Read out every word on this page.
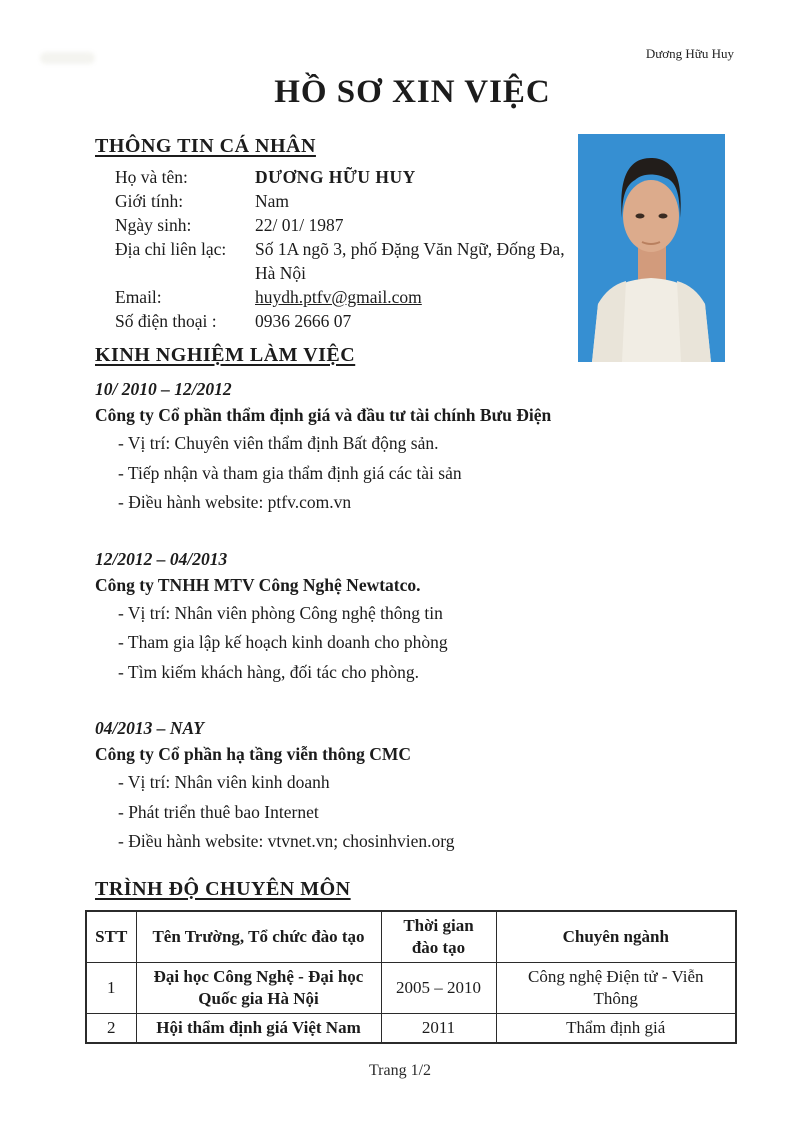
Dương Hữu Huy
HỒ SƠ XIN VIỆC
THÔNG TIN CÁ NHÂN
Họ và tên:	DƯƠNG HỮU HUY
Giới tính:	Nam
Ngày sinh:	22/ 01/ 1987
Địa chỉ liên lạc:	Số 1A ngõ 3, phố Đặng Văn Ngữ, Đống Đa, Hà Nội
Email:	huydh.ptfv@gmail.com
Số điện thoại :	0936 2666 07
KINH NGHIỆM LÀM VIỆC
10/ 2010 – 12/2012
Công ty Cổ phần thẩm định giá và đầu tư tài chính Bưu Điện
- Vị trí: Chuyên viên thẩm định Bất động sản.
- Tiếp nhận và tham gia thẩm định giá các tài sản
- Điều hành website: ptfv.com.vn
12/2012 – 04/2013
Công ty TNHH MTV Công Nghệ Newtatco.
- Vị trí: Nhân viên phòng Công nghệ thông tin
- Tham gia lập kế hoạch kinh doanh cho phòng
- Tìm kiếm khách hàng, đối tác cho phòng.
04/2013 – NAY
Công ty Cổ phần hạ tầng viễn thông CMC
- Vị trí: Nhân viên kinh doanh
- Phát triển thuê bao Internet
- Điều hành website: vtvnet.vn; chosinhvien.org
TRÌNH ĐỘ CHUYÊN MÔN
STT	Tên Trường, Tổ chức đào tạo	Thời gian đào tạo	Chuyên ngành
1	Đại học Công Nghệ - Đại học Quốc gia Hà Nội	2005 – 2010	Công nghệ Điện tử - Viễn Thông
2	Hội thẩm định giá Việt Nam	2011	Thẩm định giá
Trang 1/2
